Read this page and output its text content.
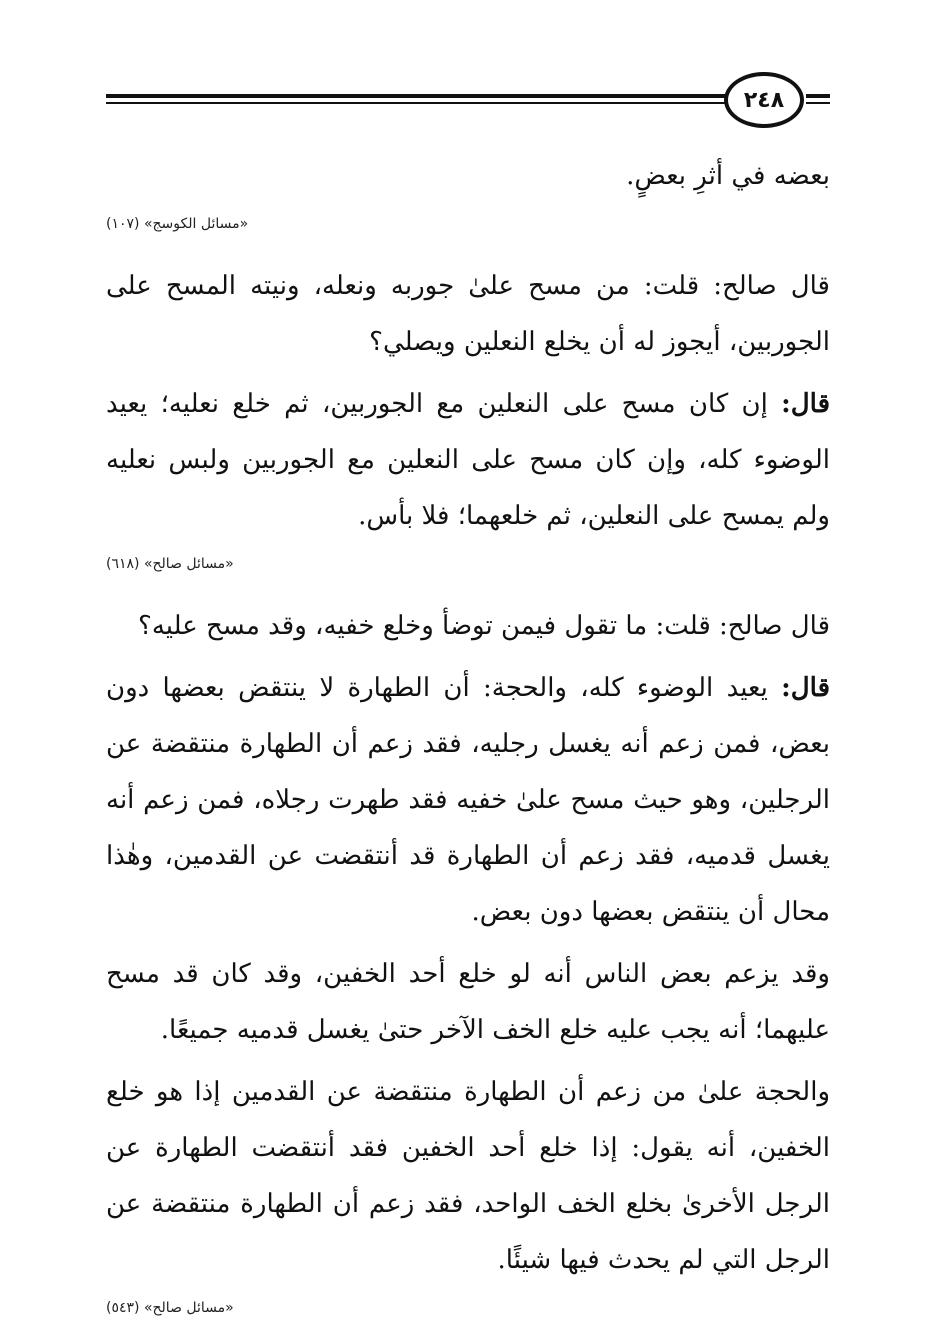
٢٤٨

بعضه في أثرِ بعضٍ.

«مسائل الكوسج» (١٠٧)

قال صالح: قلت: من مسح علىٰ جوربه ونعله، ونيته المسح على الجوربين، أيجوز له أن يخلع النعلين ويصلي؟

قال: إن كان مسح على النعلين مع الجوربين، ثم خلع نعليه؛ يعيد الوضوء كله، وإن كان مسح على النعلين مع الجوربين ولبس نعليه ولم يمسح على النعلين، ثم خلعهما؛ فلا بأس.

«مسائل صالح» (٦١٨)

قال صالح: قلت: ما تقول فيمن توضأ وخلع خفيه، وقد مسح عليه؟

قال: يعيد الوضوء كله، والحجة: أن الطهارة لا ينتقض بعضها دون بعض، فمن زعم أنه يغسل رجليه، فقد زعم أن الطهارة منتقضة عن الرجلين، وهو حيث مسح علىٰ خفيه فقد طهرت رجلاه، فمن زعم أنه يغسل قدميه، فقد زعم أن الطهارة قد أنتقضت عن القدمين، وهٰذا محال أن ينتقض بعضها دون بعض.

وقد يزعم بعض الناس أنه لو خلع أحد الخفين، وقد كان قد مسح عليهما؛ أنه يجب عليه خلع الخف الآخر حتىٰ يغسل قدميه جميعًا.

والحجة علىٰ من زعم أن الطهارة منتقضة عن القدمين إذا هو خلع الخفين، أنه يقول: إذا خلع أحد الخفين فقد أنتقضت الطهارة عن الرجل الأخرىٰ بخلع الخف الواحد، فقد زعم أن الطهارة منتقضة عن الرجل التي لم يحدث فيها شيئًا.

«مسائل صالح» (٥٤٣)
